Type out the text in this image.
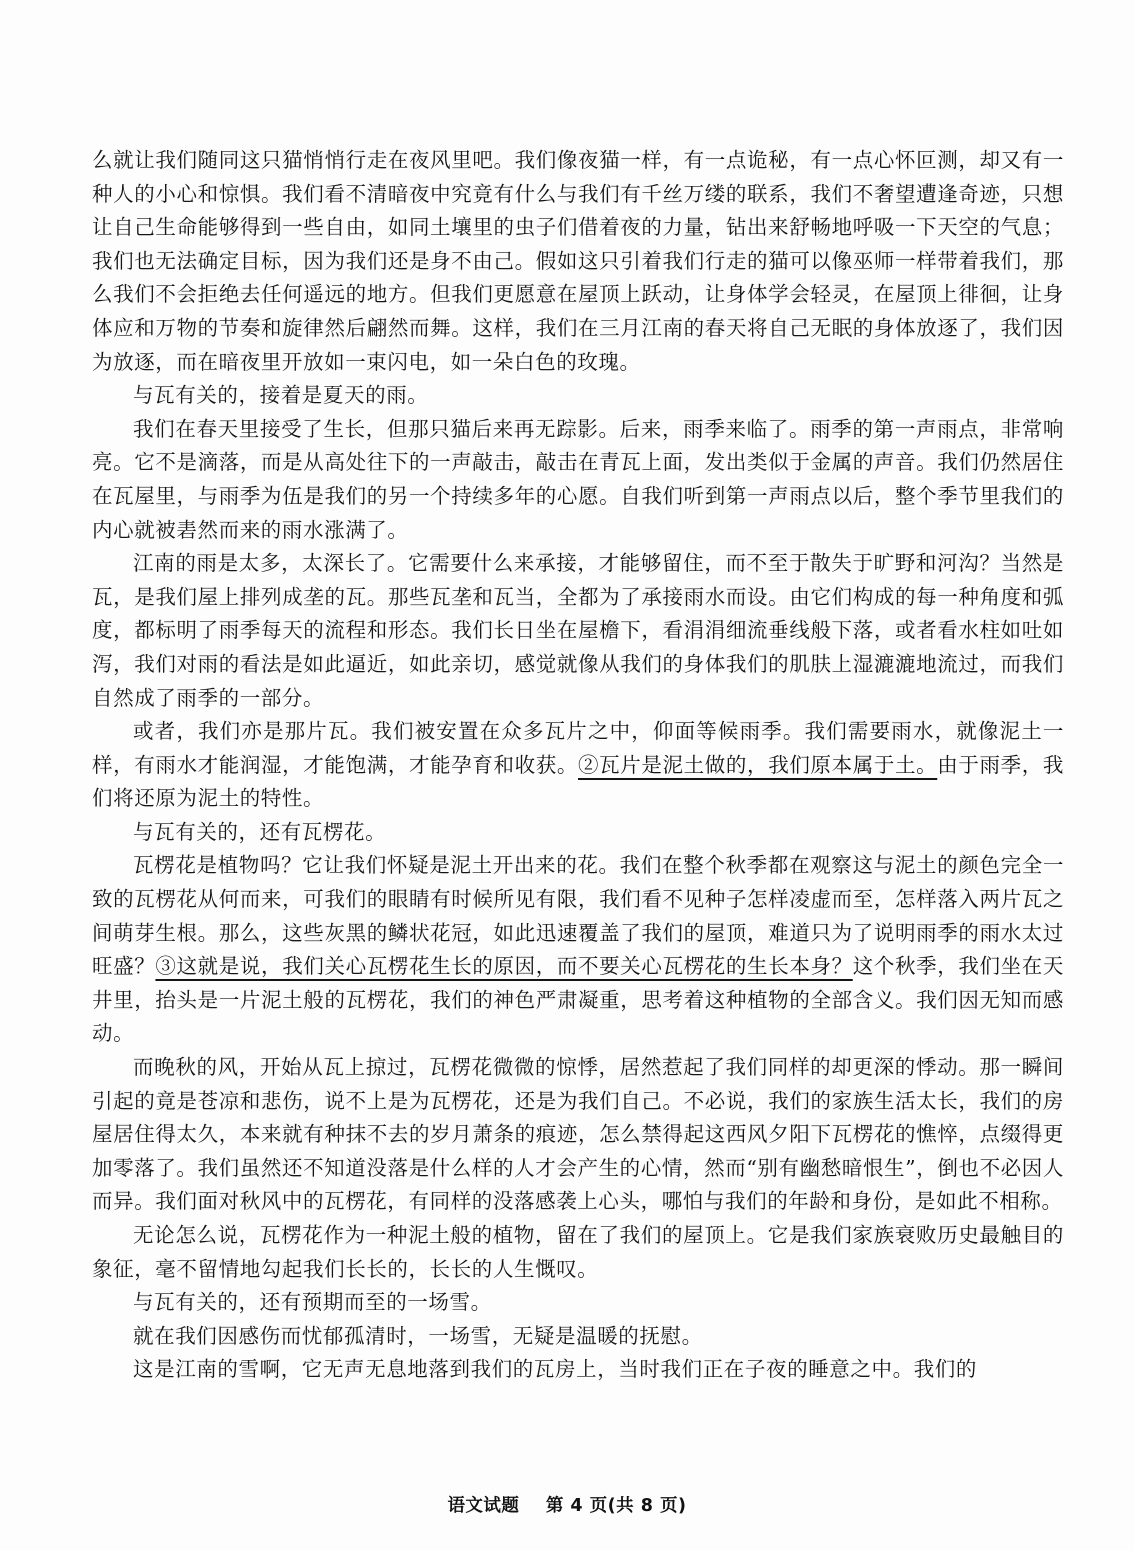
么就让我们随同这只猫悄悄行走在夜风里吧。我们像夜猫一样，有一点诡秘，有一点心怀叵测，却又有一种人的小心和惊惧。我们看不清暗夜中究竟有什么与我们有千丝万缕的联系，我们不奢望遭逢奇迹，只想让自己生命能够得到一些自由，如同土壤里的虫子们借着夜的力量，钻出来舒畅地呼吸一下天空的气息；我们也无法确定目标，因为我们还是身不由己。假如这只引着我们行走的猫可以像巫师一样带着我们，那么我们不会拒绝去任何遥远的地方。但我们更愿意在屋顶上跃动，让身体学会轻灵，在屋顶上徘徊，让身体应和万物的节奏和旋律然后翩然而舞。这样，我们在三月江南的春天将自己无眠的身体放逐了，我们因为放逐，而在暗夜里开放如一束闪电，如一朵白色的玫瑰。

与瓦有关的，接着是夏天的雨。

我们在春天里接受了生长，但那只猫后来再无踪影。后来，雨季来临了。雨季的第一声雨点，非常响亮。它不是滴落，而是从高处往下的一声敲击，敲击在青瓦上面，发出类似于金属的声音。我们仍然居住在瓦屋里，与雨季为伍是我们的另一个持续多年的心愿。自我们听到第一声雨点以后，整个季节里我们的内心就被砉然而来的雨水涨满了。

江南的雨是太多，太深长了。它需要什么来承接，才能够留住，而不至于散失于旷野和河沟？当然是瓦，是我们屋上排列成垄的瓦。那些瓦垄和瓦当，全都为了承接雨水而设。由它们构成的每一种角度和弧度，都标明了雨季每天的流程和形态。我们长日坐在屋檐下，看涓涓细流垂线般下落，或者看水柱如吐如泻，我们对雨的看法是如此逼近，如此亲切，感觉就像从我们的身体我们的肌肤上湿漉漉地流过，而我们自然成了雨季的一部分。

或者，我们亦是那片瓦。我们被安置在众多瓦片之中，仰面等候雨季。我们需要雨水，就像泥土一样，有雨水才能润湿，才能饱满，才能孕育和收获。②瓦片是泥土做的，我们原本属于土。由于雨季，我们将还原为泥土的特性。

与瓦有关的，还有瓦楞花。

瓦楞花是植物吗？它让我们怀疑是泥土开出来的花。我们在整个秋季都在观察这与泥土的颜色完全一致的瓦楞花从何而来，可我们的眼睛有时候所见有限，我们看不见种子怎样凌虚而至，怎样落入两片瓦之间萌芽生根。那么，这些灰黑的鳞状花冠，如此迅速覆盖了我们的屋顶，难道只为了说明雨季的雨水太过旺盛？③这就是说，我们关心瓦楞花生长的原因，而不要关心瓦楞花的生长本身？这个秋季，我们坐在天井里，抬头是一片泥土般的瓦楞花，我们的神色严肃凝重，思考着这种植物的全部含义。我们因无知而感动。

而晚秋的风，开始从瓦上掠过，瓦楞花微微的惊悸，居然惹起了我们同样的却更深的悸动。那一瞬间引起的竟是苍凉和悲伤，说不上是为瓦楞花，还是为我们自己。不必说，我们的家族生活太长，我们的房屋居住得太久，本来就有种抹不去的岁月萧条的痕迹，怎么禁得起这西风夕阳下瓦楞花的憔悴，点缀得更加零落了。我们虽然还不知道没落是什么样的人才会产生的心情，然而“别有幽愁暗恨生”，倒也不必因人而异。我们面对秋风中的瓦楞花，有同样的没落感袭上心头，哪怕与我们的年龄和身份，是如此不相称。

无论怎么说，瓦楞花作为一种泥土般的植物，留在了我们的屋顶上。它是我们家族衰败历史最触目的象征，毫不留情地勾起我们长长的，长长的人生慨叹。

与瓦有关的，还有预期而至的一场雪。

就在我们因感伤而忧郁孤清时，一场雪，无疑是温暖的抚慰。

这是江南的雪啊，它无声无息地落到我们的瓦房上，当时我们正在子夜的睡意之中。我们的

语文试题 第 4 页(共 8 页)
